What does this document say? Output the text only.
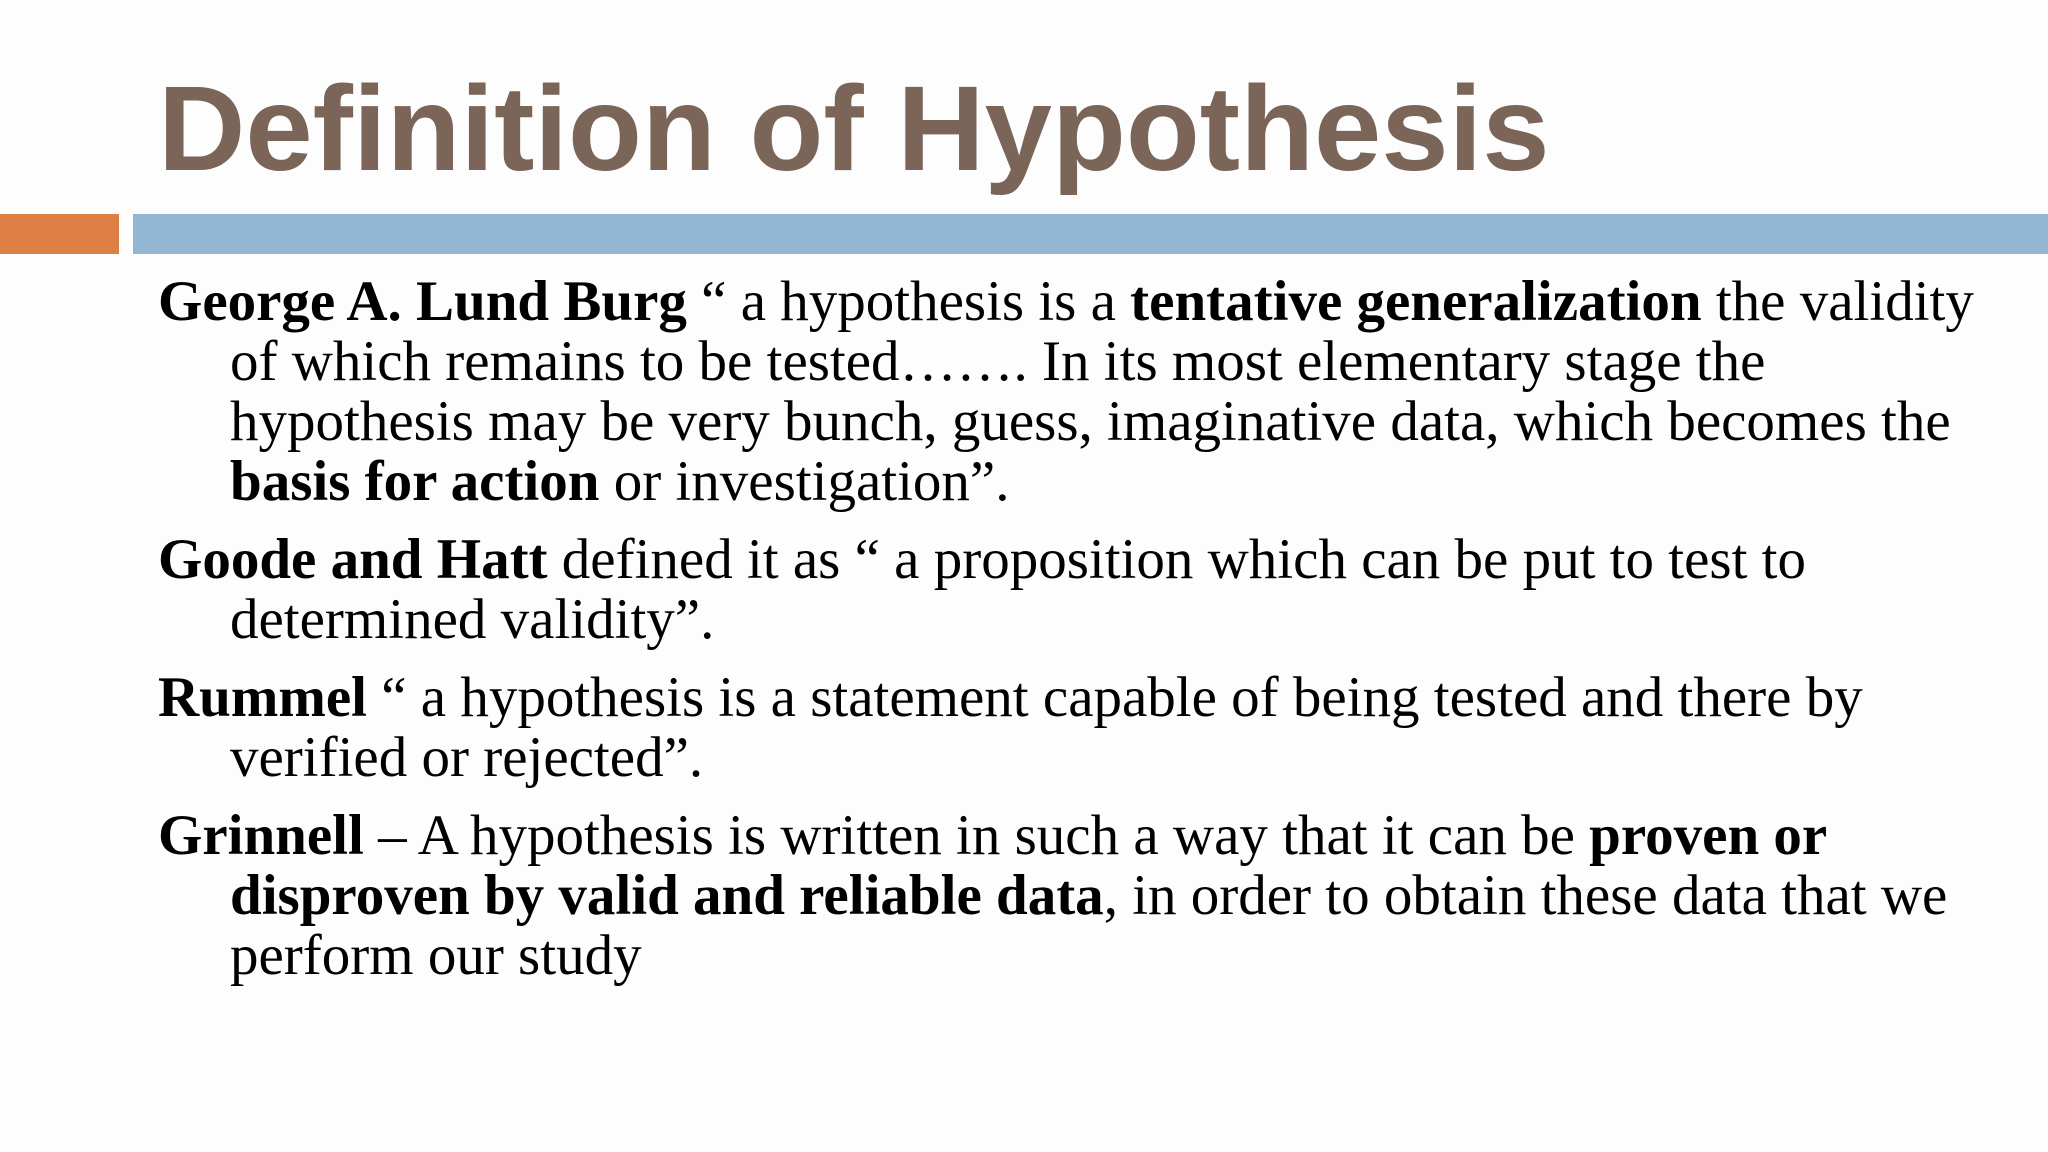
Definition of Hypothesis

George A. Lund Burg “ a hypothesis is a tentative generalization the validity of which remains to be tested……. In its most elementary stage the hypothesis may be very bunch, guess, imaginative data, which becomes the basis for action or investigation”.

Goode and Hatt defined it as “ a proposition which can be put to test to determined validity”.

Rummel “ a hypothesis is a statement capable of being tested and there by verified or rejected”.

Grinnell – A hypothesis is written in such a way that it can be proven or disproven by valid and reliable data, in order to obtain these data that we perform our study
